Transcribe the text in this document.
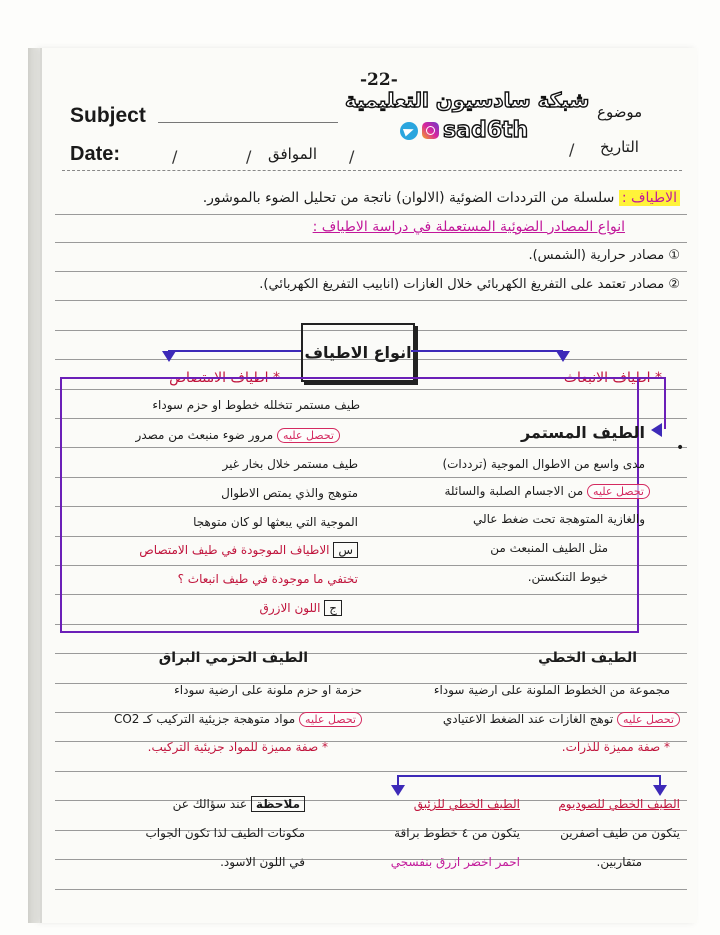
-22-
شبكة سادسيون التعليمية
sad6th
Subject
Date:	/	/ الموافق /
موضوع
التاريخ
/
الاطياف : سلسلة من الترددات الضوئية (الالوان) ناتجة من تحليل الضوء بالموشور.
انواع المصادر الضوئية المستعملة في دراسة الاطياف :
① مصادر حرارية (الشمس).
② مصادر تعتمد على التفريغ الكهربائي خلال الغازات (انابيب التفريغ الكهربائي).
انواع الاطياف
* اطياف الانبعاث
* اطياف الامتصاص
•
طيف مستمر تتخلله خطوط او حزم سوداء
تحصل عليه مرور ضوء منبعث من مصدر
طيف مستمر خلال بخار غير
متوهج والذي يمتص الاطوال
الموجية التي يبعثها لو كان متوهجا
س الاطياف الموجودة في طيف الامتصاص
تختفي ما موجودة في طيف انبعاث ؟
ج اللون الازرق
الطيف المستمر
مدى واسع من الاطوال الموجية (ترددات)
تحصل عليه من الاجسام الصلبة والسائلة
والغازية المتوهجة تحت ضغط عالي
مثل الطيف المنبعث من
خيوط التنكستن.
الطيف الحزمي البراق	الطيف الخطي
حزمة او حزم ملونة على ارضية سوداء
تحصل عليه مواد متوهجة جزيئية التركيب كـ CO2
* صفة مميزة للمواد جزيئية التركيب.
مجموعة من الخطوط الملونة على ارضية سوداء
تحصل عليه توهج الغازات عند الضغط الاعتيادي
* صفة مميزة للذرات.
الطيف الخطي للصوديوم
يتكون من طيف اصفرين
متقاربين.
الطيف الخطي للزئبق
يتكون من ٤ خطوط براقة
احمر اخضر ازرق بنفسجي
ملاحظة عند سؤالك عن
مكونات الطيف لذا تكون الجواب
في اللون الاسود.
